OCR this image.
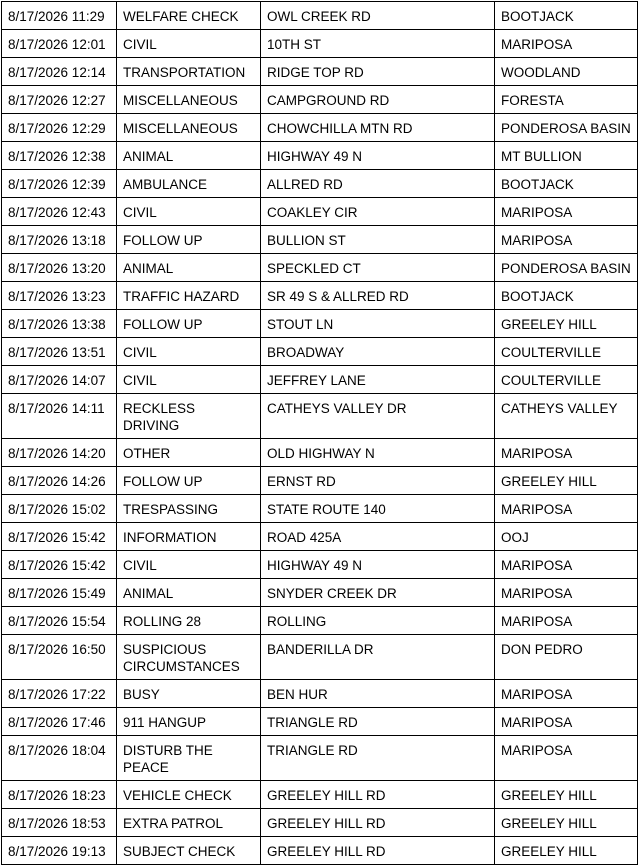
8/17/2026 11:29	WELFARE CHECK	OWL CREEK RD	BOOTJACK
8/17/2026 12:01	CIVIL	10TH ST	MARIPOSA
8/17/2026 12:14	TRANSPORTATION	RIDGE TOP RD	WOODLAND
8/17/2026 12:27	MISCELLANEOUS	CAMPGROUND RD	FORESTA
8/17/2026 12:29	MISCELLANEOUS	CHOWCHILLA MTN RD	PONDEROSA BASIN
8/17/2026 12:38	ANIMAL	HIGHWAY 49 N	MT BULLION
8/17/2026 12:39	AMBULANCE	ALLRED RD	BOOTJACK
8/17/2026 12:43	CIVIL	COAKLEY CIR	MARIPOSA
8/17/2026 13:18	FOLLOW UP	BULLION ST	MARIPOSA
8/17/2026 13:20	ANIMAL	SPECKLED CT	PONDEROSA BASIN
8/17/2026 13:23	TRAFFIC HAZARD	SR 49 S & ALLRED RD	BOOTJACK
8/17/2026 13:38	FOLLOW UP	STOUT LN	GREELEY HILL
8/17/2026 13:51	CIVIL	BROADWAY	COULTERVILLE
8/17/2026 14:07	CIVIL	JEFFREY LANE	COULTERVILLE
8/17/2026 14:11	RECKLESS DRIVING	CATHEYS VALLEY DR	CATHEYS VALLEY
8/17/2026 14:20	OTHER	OLD HIGHWAY N	MARIPOSA
8/17/2026 14:26	FOLLOW UP	ERNST RD	GREELEY HILL
8/17/2026 15:02	TRESPASSING	STATE ROUTE 140	MARIPOSA
8/17/2026 15:42	INFORMATION	ROAD 425A	OOJ
8/17/2026 15:42	CIVIL	HIGHWAY 49 N	MARIPOSA
8/17/2026 15:49	ANIMAL	SNYDER CREEK DR	MARIPOSA
8/17/2026 15:54	ROLLING 28	ROLLING	MARIPOSA
8/17/2026 16:50	SUSPICIOUS CIRCUMSTANCES	BANDERILLA DR	DON PEDRO
8/17/2026 17:22	BUSY	BEN HUR	MARIPOSA
8/17/2026 17:46	911 HANGUP	TRIANGLE RD	MARIPOSA
8/17/2026 18:04	DISTURB THE PEACE	TRIANGLE RD	MARIPOSA
8/17/2026 18:23	VEHICLE CHECK	GREELEY HILL RD	GREELEY HILL
8/17/2026 18:53	EXTRA PATROL	GREELEY HILL RD	GREELEY HILL
8/17/2026 19:13	SUBJECT CHECK	GREELEY HILL RD	GREELEY HILL
